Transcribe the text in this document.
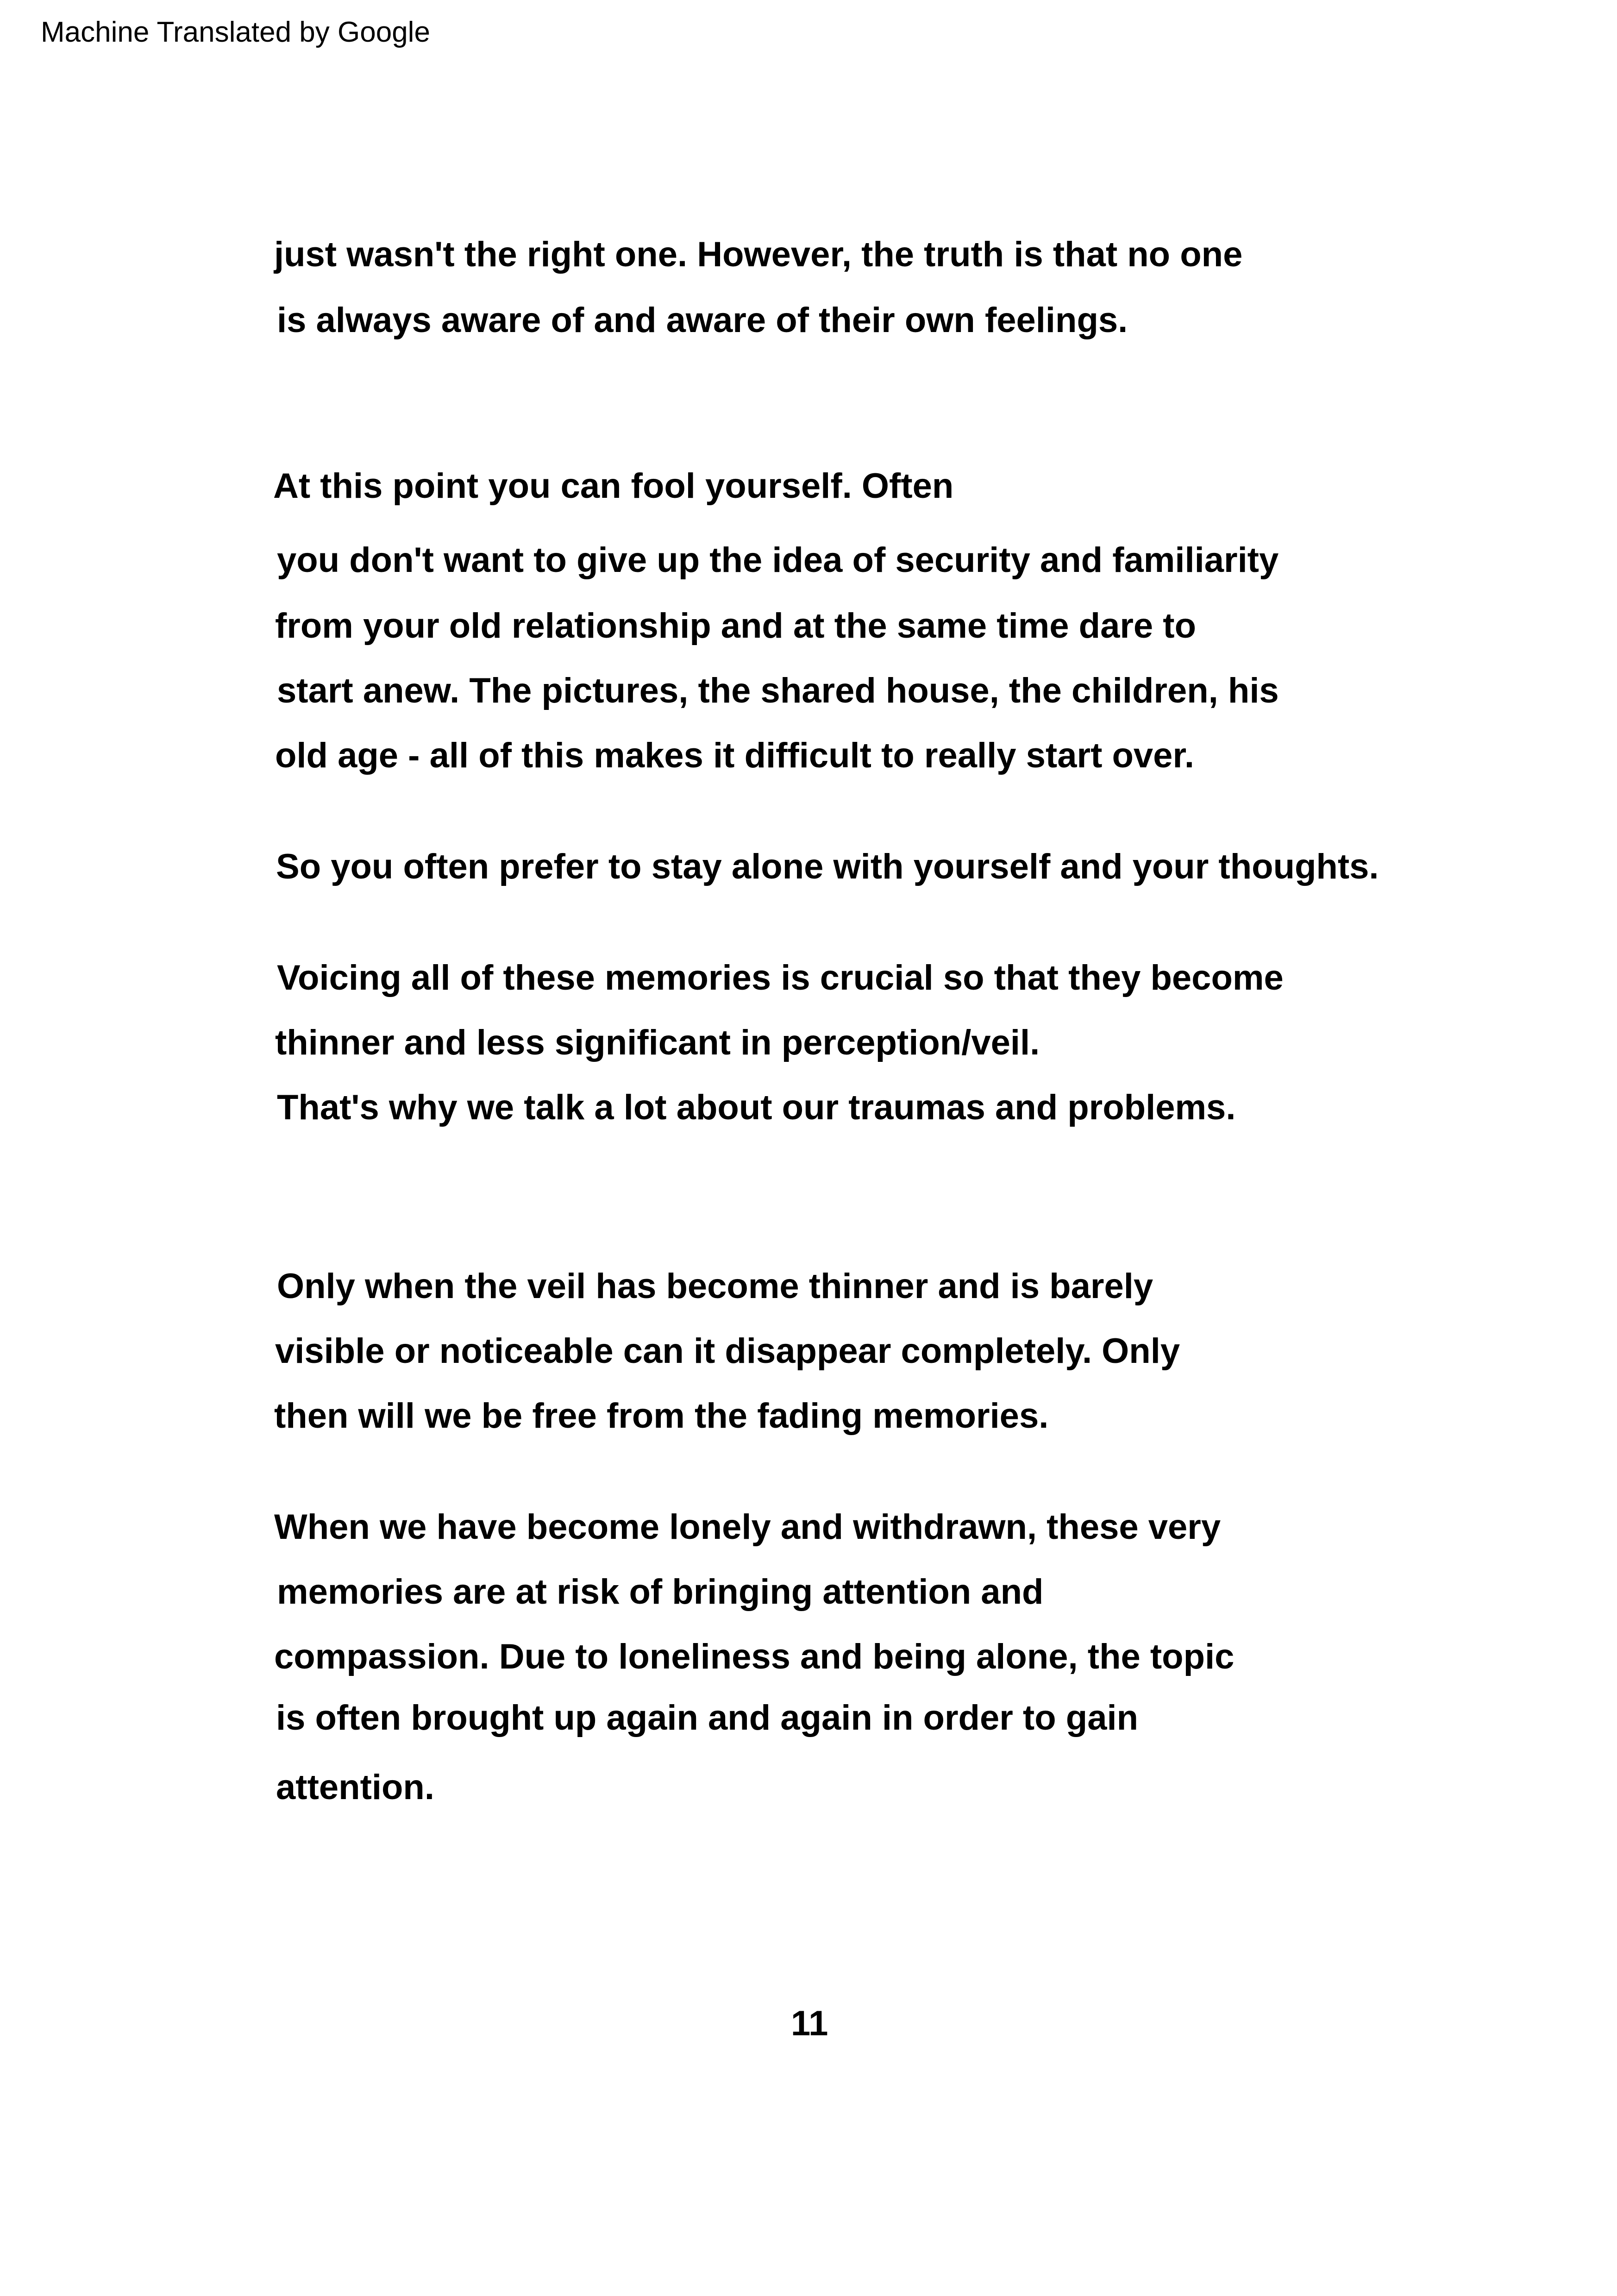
Machine Translated by Google
just wasn't the right one. However, the truth is that no one
is always aware of and aware of their own feelings.
At this point you can fool yourself. Often
you don't want to give up the idea of security and familiarity
from your old relationship and at the same time dare to
start anew. The pictures, the shared house, the children, his
old age - all of this makes it difficult to really start over.
So you often prefer to stay alone with yourself and your thoughts.
Voicing all of these memories is crucial so that they become
thinner and less significant in perception/veil.
That's why we talk a lot about our traumas and problems.
Only when the veil has become thinner and is barely
visible or noticeable can it disappear completely. Only
then will we be free from the fading memories.
When we have become lonely and withdrawn, these very
memories are at risk of bringing attention and
compassion. Due to loneliness and being alone, the topic
is often brought up again and again in order to gain
attention.
11
